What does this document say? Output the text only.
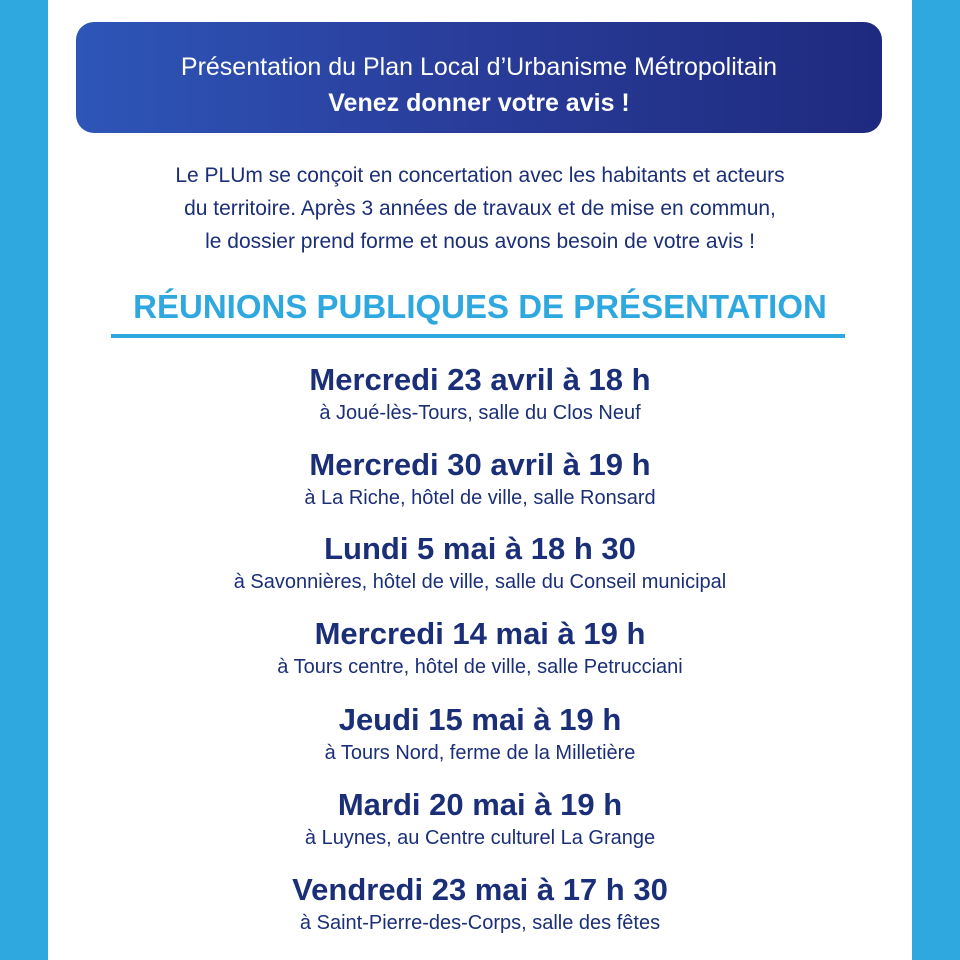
Présentation du Plan Local d’Urbanisme Métropolitain
Venez donner votre avis !
Le PLUm se conçoit en concertation avec les habitants et acteurs
du territoire. Après 3 années de travaux et de mise en commun,
le dossier prend forme et nous avons besoin de votre avis !
RÉUNIONS PUBLIQUES DE PRÉSENTATION
Mercredi 23 avril à 18 h
à Joué-lès-Tours, salle du Clos Neuf
Mercredi 30 avril à 19 h
à La Riche, hôtel de ville, salle Ronsard
Lundi 5 mai à 18 h 30
à Savonnières, hôtel de ville, salle du Conseil municipal
Mercredi 14 mai à 19 h
à Tours centre, hôtel de ville, salle Petrucciani
Jeudi 15 mai à 19 h
à Tours Nord, ferme de la Milletière
Mardi 20 mai à 19 h
à Luynes, au Centre culturel La Grange
Vendredi 23 mai à 17 h 30
à Saint-Pierre-des-Corps, salle des fêtes
